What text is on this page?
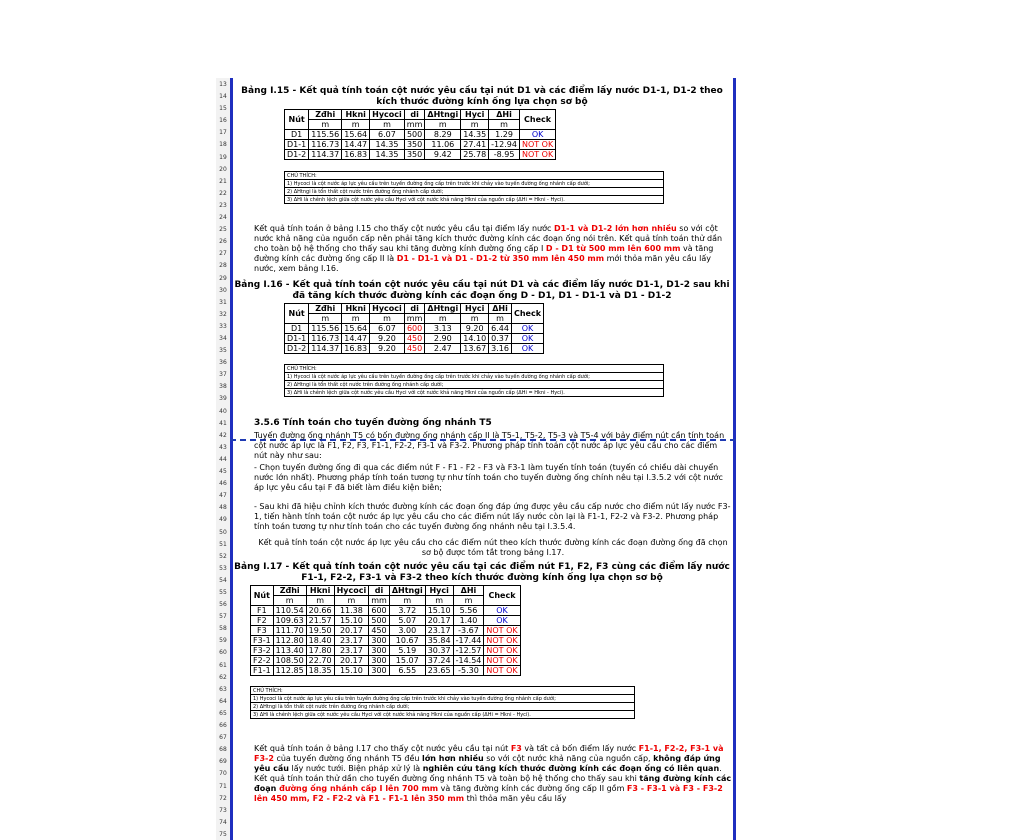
13
14
15
16
17
18
19
20
21
22
23
24
25
26
27
28
29
30
31
32
33
34
35
36
37
38
39
40
41
42
43
44
45
46
47
48
49
50
51
52
53
54
55
56
57
58
59
60
61
62
63
64
65
66
67
68
69
70
71
72
73
74
75
Bảng I.15 - Kết quả tính toán cột nước yêu cầu tại nút D1 và các điểm lấy nước D1-1, D1-2 theo kích thước đường kính ống lựa chọn sơ bộ
Nút	Zđhi	Hkni	Hycoci	di	ΔHtngi	Hyci	ΔHi	Check
	m	m	m	mm	m	m	m	
D1	115.56	15.64	6.07	500	8.29	14.35	1.29	OK
D1-1	116.73	14.47	14.35	350	11.06	27.41	-12.94	NOT OK
D1-2	114.37	16.83	14.35	350	9.42	25.78	-8.95	NOT OK
CHÚ THÍCH:
1) Hycoci là cột nước áp lực yêu cầu trên tuyến đường ống cấp trên trước khi chảy vào tuyến đường ống nhánh cấp dưới;
2) ΔHtngi là tổn thất cột nước trên đường ống nhánh cấp dưới;
3) ΔHi là chênh lệch giữa cột nước yêu cầu Hyci với cột nước khả năng Hkni của nguồn cấp (ΔHi = Hkni - Hyci).
Kết quả tính toán ở bảng I.15 cho thấy cột nước yêu cầu tại điểm lấy nước D1-1 và D1-2 lớn hơn nhiều so với cột nước khả năng của nguồn cấp nên phải tăng kích thước đường kính các đoạn ống nói trên. Kết quả tính toán thử dần cho toàn bộ hệ thống cho thấy sau khi tăng đường kính đường ống cấp I D - D1 từ 500 mm lên 600 mm và tăng đường kính các đường ống cấp II là D1 - D1-1 và D1 - D1-2 từ 350 mm lên 450 mm mới thỏa mãn yêu cầu lấy nước, xem bảng I.16.
Bảng I.16 - Kết quả tính toán cột nước yêu cầu tại nút D1 và các điểm lấy nước D1-1, D1-2 sau khi đã tăng kích thước đường kính các đoạn ống D - D1, D1 - D1-1 và D1 - D1-2
Nút	Zđhi	Hkni	Hycoci	di	ΔHtngi	Hyci	ΔHi	Check
	m	m	m	mm	m	m	m	
D1	115.56	15.64	6.07	600	3.13	9.20	6.44	OK
D1-1	116.73	14.47	9.20	450	2.90	14.10	0.37	OK
D1-2	114.37	16.83	9.20	450	2.47	13.67	3.16	OK
CHÚ THÍCH:
1) Hycoci là cột nước áp lực yêu cầu trên tuyến đường ống cấp trên trước khi chảy vào tuyến đường ống nhánh cấp dưới;
2) ΔHtngi là tổn thất cột nước trên đường ống nhánh cấp dưới;
3) ΔHi là chênh lệch giữa cột nước yêu cầu Hyci với cột nước khả năng Hkni của nguồn cấp (ΔHi = Hkni - Hyci).
3.5.6 Tính toán cho tuyến đường ống nhánh T5
Tuyến đường ống nhánh T5 có bốn đường ống nhánh cấp II là T5-1, T5-2, T5-3 và T5-4 với bảy điểm nút cần tính toán cột nước áp lực là F1, F2, F3, F1-1, F2-2, F3-1 và F3-2. Phương pháp tính toán cột nước áp lực yêu cầu cho các điểm nút này như sau:
- Chọn tuyến đường ống đi qua các điểm nút F - F1 - F2 - F3 và F3-1 làm tuyến tính toán (tuyến có chiều dài chuyển nước lớn nhất). Phương pháp tính toán tương tự như tính toán cho tuyến đường ống chính nêu tại I.3.5.2 với cột nước áp lực yêu cầu tại F đã biết làm điều kiện biên;
- Sau khi đã hiệu chỉnh kích thước đường kính các đoạn ống đáp ứng được yêu cầu cấp nước cho điểm nút lấy nước F3-1, tiến hành tính toán cột nước áp lực yêu cầu cho các điểm nút lấy nước còn lại là F1-1, F2-2 và F3-2. Phương pháp tính toán tương tự như tính toán cho các tuyến đường ống nhánh nêu tại I.3.5.4.
Kết quả tính toán cột nước áp lực yêu cầu cho các điểm nút theo kích thước đường kính các đoạn đường ống đã chọn sơ bộ được tóm tắt trong bảng I.17.
Bảng I.17 - Kết quả tính toán cột nước yêu cầu tại các điểm nút F1, F2, F3 cùng các điểm lấy nước F1-1, F2-2, F3-1 và F3-2 theo kích thước đường kính ống lựa chọn sơ bộ
Nút	Zđhi	Hkni	Hycoci	di	ΔHtngi	Hyci	ΔHi	Check
	m	m	m	mm	m	m	m	
F1	110.54	20.66	11.38	600	3.72	15.10	5.56	OK
F2	109.63	21.57	15.10	500	5.07	20.17	1.40	OK
F3	111.70	19.50	20.17	450	3.00	23.17	-3.67	NOT OK
F3-1	112.80	18.40	23.17	300	10.67	35.84	-17.44	NOT OK
F3-2	113.40	17.80	23.17	300	5.19	30.37	-12.57	NOT OK
F2-2	108.50	22.70	20.17	300	15.07	37.24	-14.54	NOT OK
F1-1	112.85	18.35	15.10	300	6.55	23.65	-5.30	NOT OK
CHÚ THÍCH:
1) Hycoci là cột nước áp lực yêu cầu trên tuyến đường ống cấp trên trước khi chảy vào tuyến đường ống nhánh cấp dưới;
2) ΔHtngi là tổn thất cột nước trên đường ống nhánh cấp dưới;
3) ΔHi là chênh lệch giữa cột nước yêu cầu Hyci với cột nước khả năng Hkni của nguồn cấp (ΔHi = Hkni - Hyci).
Kết quả tính toán ở bảng I.17 cho thấy cột nước yêu cầu tại nút F3 và tất cả bốn điểm lấy nước F1-1, F2-2, F3-1 và F3-2 của tuyến đường ống nhánh T5 đều lớn hơn nhiều so với cột nước khả năng của nguồn cấp, không đáp ứng yêu cầu lấy nước tưới. Biện pháp xử lý là nghiên cứu tăng kích thước đường kính các đoạn ống có liên quan. Kết quả tính toán thử dần cho tuyến đường ống nhánh T5 và toàn bộ hệ thống cho thấy sau khi tăng đường kính các đoạn đường ống nhánh cấp I lên 700 mm và tăng đường kính các đường ống cấp II gồm F3 - F3-1 và F3 - F3-2 lên 450 mm, F2 - F2-2 và F1 - F1-1 lên 350 mm thì thỏa mãn yêu cầu lấy
